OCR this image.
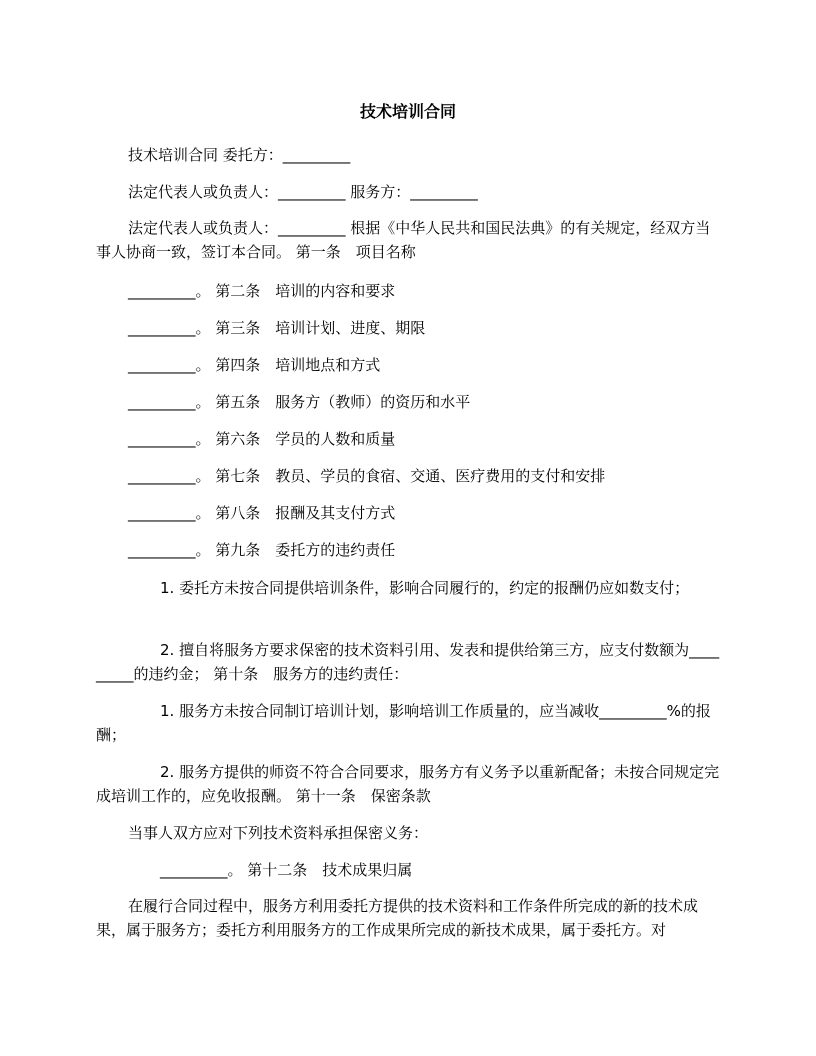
技术培训合同
技术培训合同 委托方：_________
法定代表人或负责人：_________ 服务方：_________
法定代表人或负责人：_________ 根据《中华人民共和国民法典》的有关规定，经双方当事人协商一致，签订本合同。 第一条　项目名称
_________。 第二条　培训的内容和要求
_________。 第三条　培训计划、进度、期限
_________。 第四条　培训地点和方式
_________。 第五条　服务方（教师）的资历和水平
_________。 第六条　学员的人数和质量
_________。 第七条　教员、学员的食宿、交通、医疗费用的支付和安排
_________。 第八条　报酬及其支付方式
_________。 第九条　委托方的违约责任
1. 委托方未按合同提供培训条件，影响合同履行的，约定的报酬仍应如数支付；
2. 擅自将服务方要求保密的技术资料引用、发表和提供给第三方，应支付数额为_________的违约金； 第十条　服务方的违约责任：
1. 服务方未按合同制订培训计划，影响培训工作质量的，应当减收_________%的报酬；
2. 服务方提供的师资不符合合同要求，服务方有义务予以重新配备；未按合同规定完成培训工作的，应免收报酬。 第十一条　保密条款
当事人双方应对下列技术资料承担保密义务：
_________。 第十二条　技术成果归属
在履行合同过程中，服务方利用委托方提供的技术资料和工作条件所完成的新的技术成果，属于服务方；委托方利用服务方的工作成果所完成的新技术成果，属于委托方。对
